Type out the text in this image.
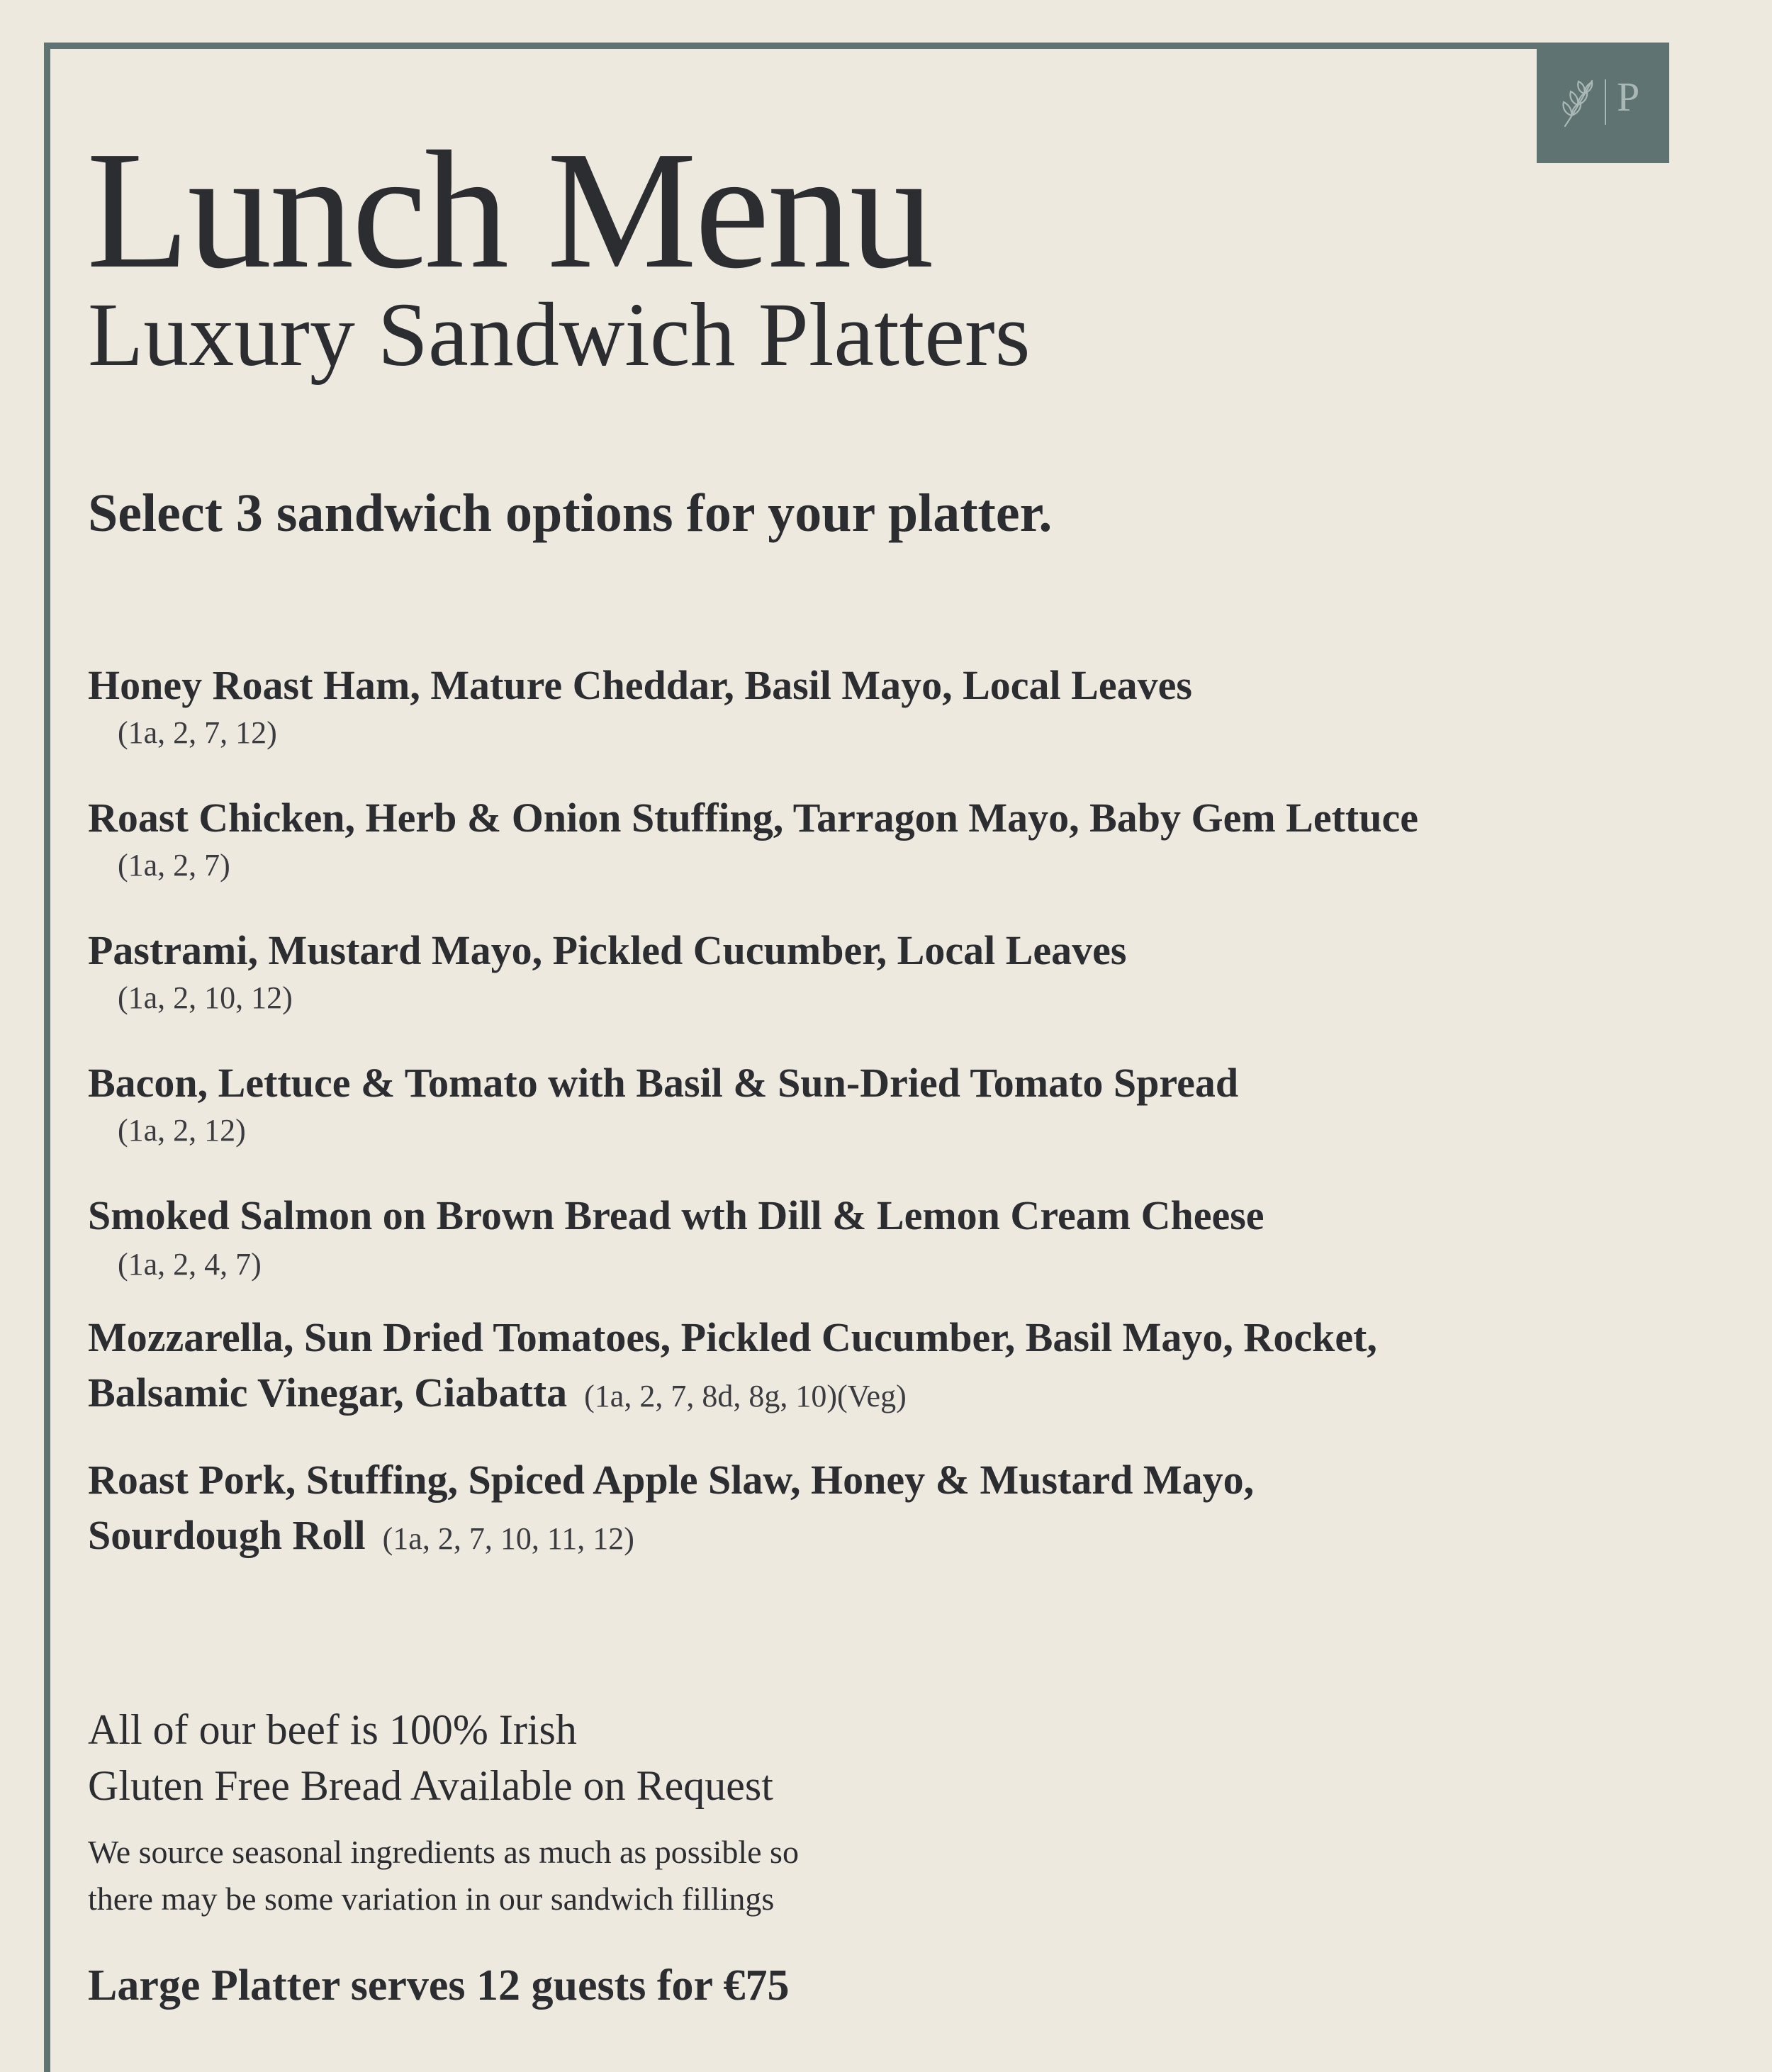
P
Lunch Menu
Luxury Sandwich Platters
Select 3 sandwich options for your platter.
Honey Roast Ham, Mature Cheddar, Basil Mayo, Local Leaves
(1a, 2, 7, 12)
Roast Chicken, Herb & Onion Stuffing, Tarragon Mayo, Baby Gem Lettuce
(1a, 2, 7)
Pastrami, Mustard Mayo, Pickled Cucumber, Local Leaves
(1a, 2, 10, 12)
Bacon, Lettuce & Tomato with Basil & Sun-Dried Tomato Spread
(1a, 2, 12)
Smoked Salmon on Brown Bread wth Dill & Lemon Cream Cheese
(1a, 2, 4, 7)
Mozzarella, Sun Dried Tomatoes, Pickled Cucumber, Basil Mayo, Rocket,
Balsamic Vinegar, Ciabatta (1a, 2, 7, 8d, 8g, 10)(Veg)
Roast Pork, Stuffing, Spiced Apple Slaw, Honey & Mustard Mayo,
Sourdough Roll (1a, 2, 7, 10, 11, 12)
All of our beef is 100% Irish
Gluten Free Bread Available on Request
We source seasonal ingredients as much as possible so
there may be some variation in our sandwich fillings
Large Platter serves 12 guests for €75
